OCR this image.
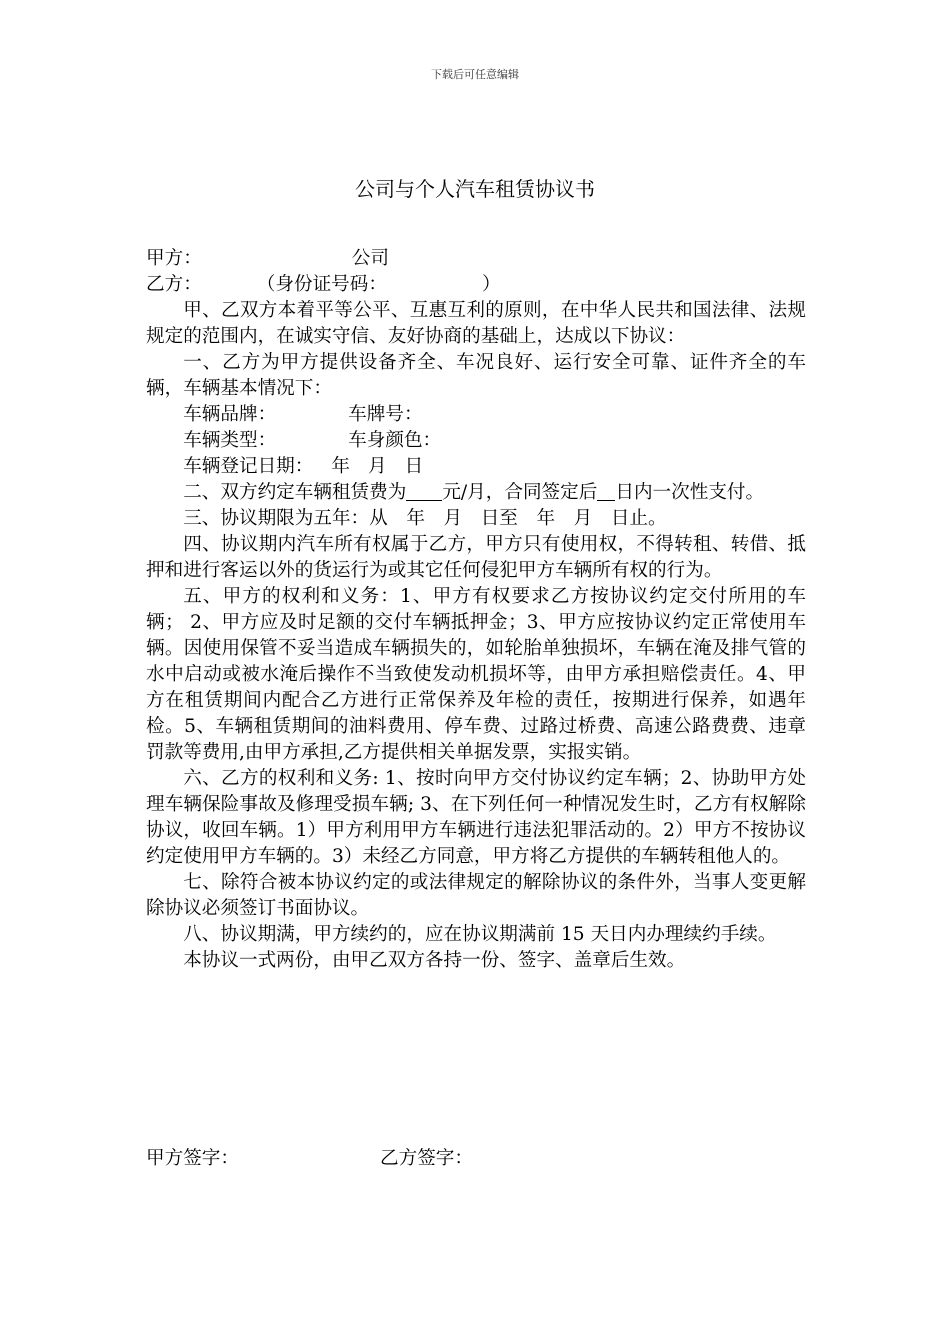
下载后可任意编辑
公司与个人汽车租赁协议书

甲方：	公司

乙方：	（身份证号码：	）

甲、乙双方本着平等公平、互惠互利的原则，在中华人民共和国法律、法规规定的范围内，在诚实守信、友好协商的基础上，达成以下协议：

一、乙方为甲方提供设备齐全、车况良好、运行安全可靠、证件齐全的车辆，车辆基本情况下：

车辆品牌：	车牌号：

车辆类型：	车身颜色：

车辆登记日期： 年 月 日

二、双方约定车辆租赁费为 元/月，合同签定后 日内一次性支付。

三、协议期限为五年：从　年　月　日至　年　月　日止。

四、协议期内汽车所有权属于乙方，甲方只有使用权，不得转租、转借、抵押和进行客运以外的货运行为或其它任何侵犯甲方车辆所有权的行为。

五、甲方的权利和义务：1、甲方有权要求乙方按协议约定交付所用的车辆； 2、甲方应及时足额的交付车辆抵押金；3、甲方应按协议约定正常使用车辆。因使用保管不妥当造成车辆损失的，如轮胎单独损坏，车辆在淹及排气管的水中启动或被水淹后操作不当致使发动机损坏等，由甲方承担赔偿责任。4、甲方在租赁期间内配合乙方进行正常保养及年检的责任，按期进行保养，如遇年检。5、车辆租赁期间的油料费用、停车费、过路过桥费、高速公路费费、违章罚款等费用,由甲方承担,乙方提供相关单据发票，实报实销。

六、乙方的权利和义务: 1、按时向甲方交付协议约定车辆；2、协助甲方处理车辆保险事故及修理受损车辆; 3、在下列任何一种情况发生时，乙方有权解除协议，收回车辆。1）甲方利用甲方车辆进行违法犯罪活动的。2）甲方不按协议约定使用甲方车辆的。3）未经乙方同意，甲方将乙方提供的车辆转租他人的。

七、除符合被本协议约定的或法律规定的解除协议的条件外，当事人变更解除协议必须签订书面协议。

八、协议期满，甲方续约的，应在协议期满前 15 天日内办理续约手续。

本协议一式两份，由甲乙双方各持一份、签字、盖章后生效。

甲方签字：	乙方签字：
